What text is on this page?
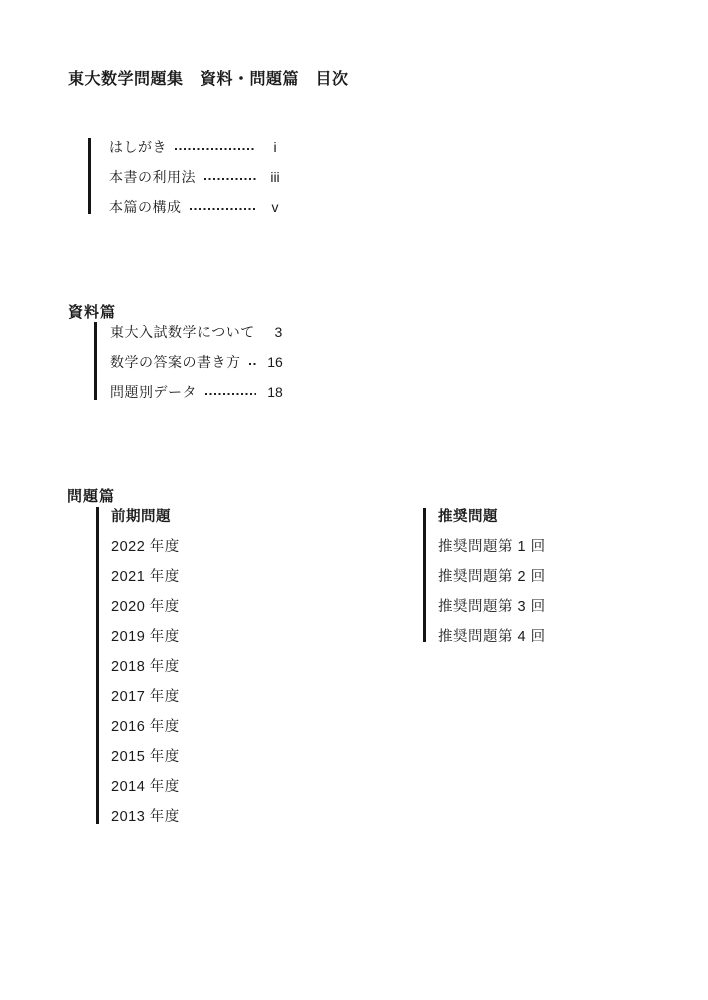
東大数学問題集　資料・問題篇　目次
はしがき	i
本書の利用法	iii
本篇の構成	v
資料篇
東大入試数学について	3
数学の答案の書き方	16
問題別データ	18
問題篇
前期問題
2022 年度
2021 年度
2020 年度
2019 年度
2018 年度
2017 年度
2016 年度
2015 年度
2014 年度
2013 年度
推奨問題
推奨問題第 1 回
推奨問題第 2 回
推奨問題第 3 回
推奨問題第 4 回
